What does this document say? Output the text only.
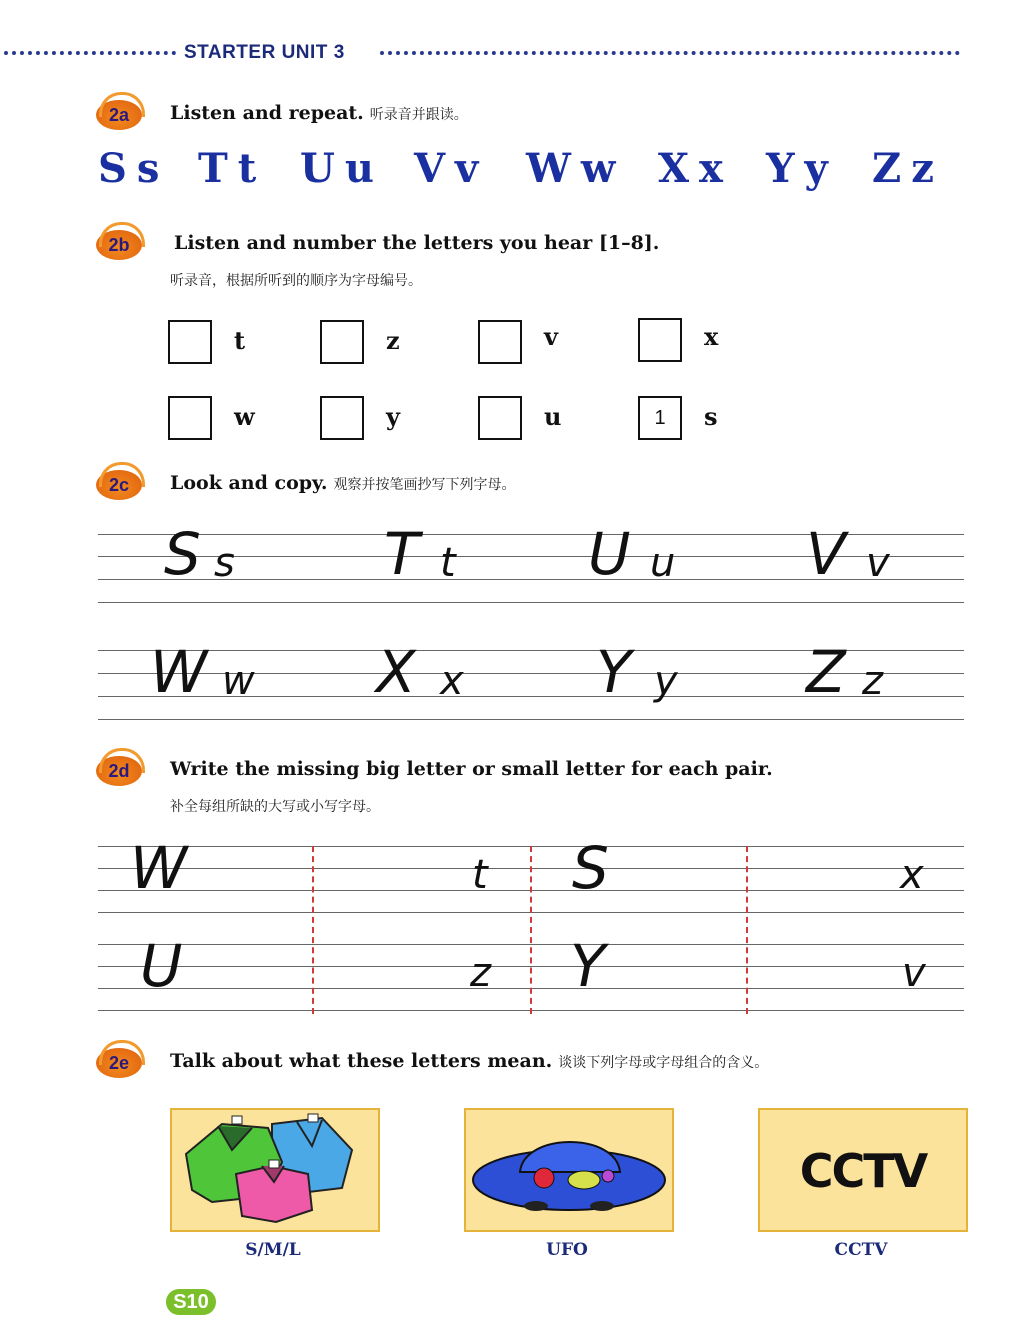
STARTER UNIT 3
2a	Listen and repeat. 听录音并跟读。
Ss Tt Uu Vv Ww Xx Yy Zz
2b	Listen and number the letters you hear [1–8].
听录音，根据所听到的顺序为字母编号。
t	z	v	x
w	y	u	1	s
2c	Look and copy. 观察并按笔画抄写下列字母。
S s	T t U u V v
W w X x Y y Z z
2d	Write the missing big letter or small letter for each pair.
补全每组所缺的大写或小写字母。
W	t S	x
U	z Y	v
2e	Talk about what these letters mean. 谈谈下列字母或字母组合的含义。
CCTV
S/M/L	UFO	CCTV
S10
